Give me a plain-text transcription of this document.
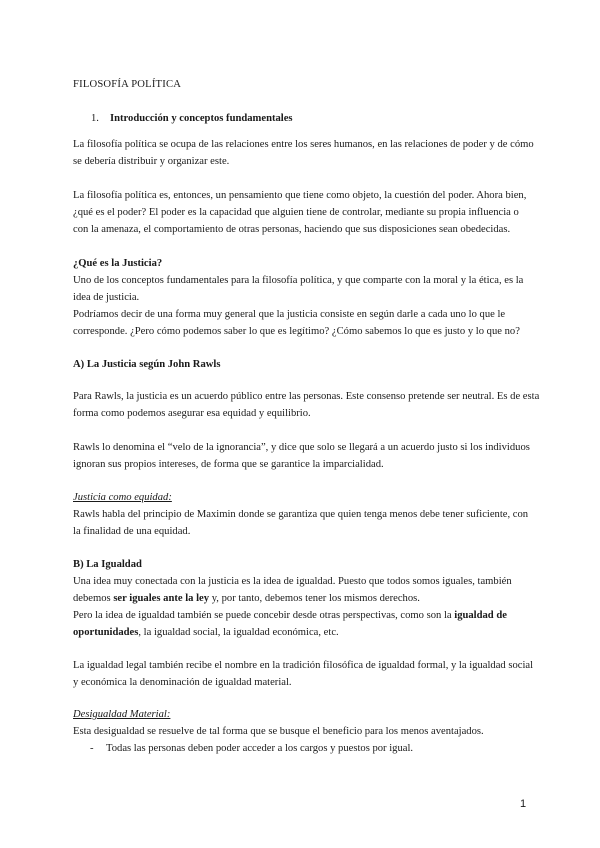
FILOSOFÍA POLÍTICA
1. Introducción y conceptos fundamentales
La filosofía política se ocupa de las relaciones entre los seres humanos, en las relaciones de poder y de cómo
se debería distribuir y organizar este.
La filosofía política es, entonces, un pensamiento que tiene como objeto, la cuestión del poder. Ahora bien,
¿qué es el poder? El poder es la capacidad que alguien tiene de controlar, mediante su propia influencia o
con la amenaza, el comportamiento de otras personas, haciendo que sus disposiciones sean obedecidas.
¿Qué es la Justicia?
Uno de los conceptos fundamentales para la filosofía política, y que comparte con la moral y la ética, es la
idea de justicia.
Podríamos decir de una forma muy general que la justicia consiste en según darle a cada uno lo que le
corresponde. ¿Pero cómo podemos saber lo que es legítimo? ¿Cómo sabemos lo que es justo y lo que no?
A) La Justicia según John Rawls
Para Rawls, la justicia es un acuerdo público entre las personas. Este consenso pretende ser neutral. Es de esta
forma como podemos asegurar esa equidad y equilibrio.
Rawls lo denomina el “velo de la ignorancia”, y dice que solo se llegará a un acuerdo justo si los individuos
ignoran sus propios intereses, de forma que se garantice la imparcialidad.
Justicia como equidad:
Rawls habla del principio de Maximin donde se garantiza que quien tenga menos debe tener suficiente, con
la finalidad de una equidad.
B) La Igualdad
Una idea muy conectada con la justicia es la idea de igualdad. Puesto que todos somos iguales, también
debemos ser iguales ante la ley y, por tanto, debemos tener los mismos derechos.
Pero la idea de igualdad también se puede concebir desde otras perspectivas, como son la igualdad de
oportunidades, la igualdad social, la igualdad económica, etc.
La igualdad legal también recibe el nombre en la tradición filosófica de igualdad formal, y la igualdad social
y económica la denominación de igualdad material.
Desigualdad Material:
Esta desigualdad se resuelve de tal forma que se busque el beneficio para los menos aventajados.
- Todas las personas deben poder acceder a los cargos y puestos por igual.
1
